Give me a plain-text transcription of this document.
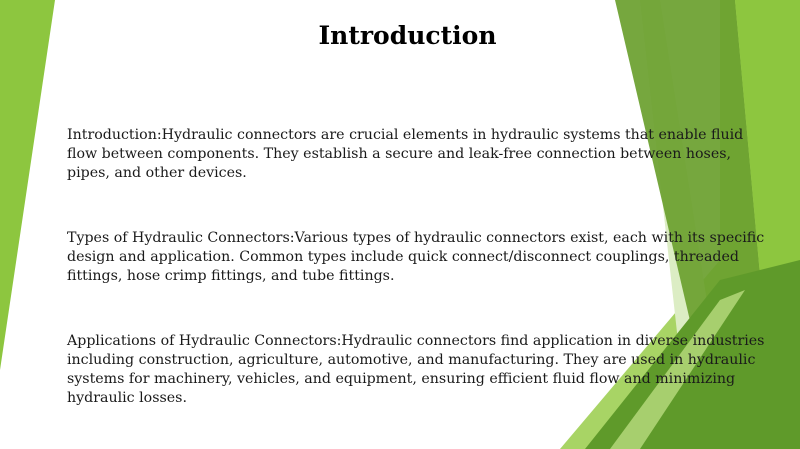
Introduction

Introduction:Hydraulic connectors are crucial elements in hydraulic systems that enable fluid flow between components. They establish a secure and leak-free connection between hoses, pipes, and other devices.

Types of Hydraulic Connectors:Various types of hydraulic connectors exist, each with its specific design and application. Common types include quick connect/disconnect couplings, threaded fittings, hose crimp fittings, and tube fittings.

Applications of Hydraulic Connectors:Hydraulic connectors find application in diverse industries including construction, agriculture, automotive, and manufacturing. They are used in hydraulic systems for machinery, vehicles, and equipment, ensuring efficient fluid flow and minimizing hydraulic losses.
